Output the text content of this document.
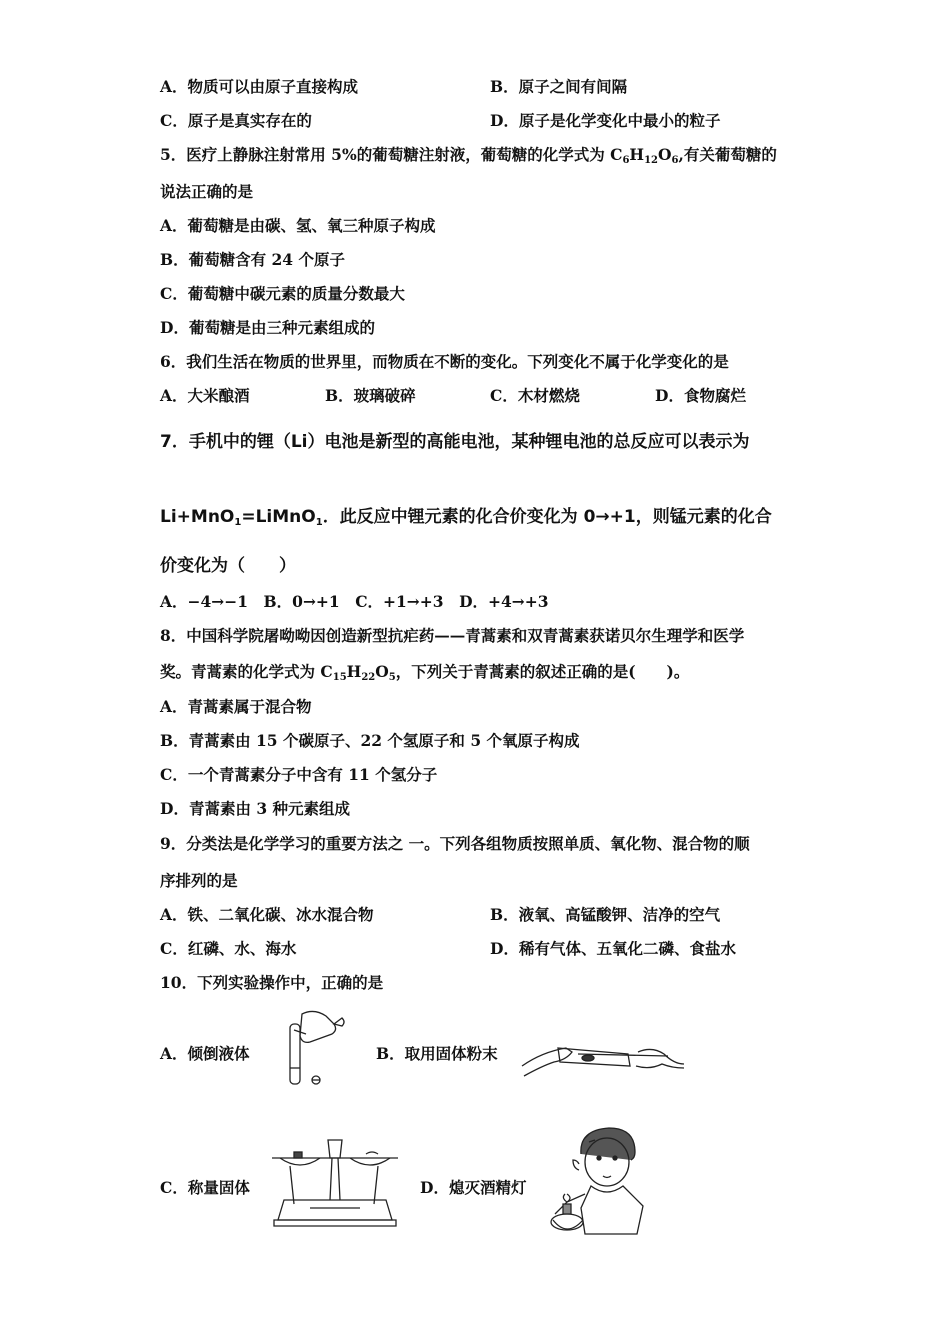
A．物质可以由原子直接构成	B．原子之间有间隔
C．原子是真实存在的	D．原子是化学变化中最小的粒子
5．医疗上静脉注射常用 5%的葡萄糖注射液，葡萄糖的化学式为 $C_6H_{12}O_6$,有关葡萄糖的
说法正确的是
A．葡萄糖是由碳、氢、氧三种原子构成
B．葡萄糖含有 24 个原子
C．葡萄糖中碳元素的质量分数最大
D．葡萄糖是由三种元素组成的
6．我们生活在物质的世界里，而物质在不断的变化。下列变化不属于化学变化的是
A．大米酿酒	B．玻璃破碎	C．木材燃烧	D．食物腐烂
7．手机中的锂（Li）电池是新型的高能电池，某种锂电池的总反应可以表示为
Li+MnO$_1$=LiMnO$_1$．此反应中锂元素的化合价变化为 0→+1，则锰元素的化合
价变化为（　　）
A．−4→−1　B．0→+1　C．+1→+3　D．+4→+3
8．中国科学院屠呦呦因创造新型抗疟药——青蒿素和双青蒿素获诺贝尔生理学和医学
奖。青蒿素的化学式为 $C_{15}H_{22}O_5$，下列关于青蒿素的叙述正确的是(　　)。
A．青蒿素属于混合物
B．青蒿素由 15 个碳原子、22 个氢原子和 5 个氧原子构成
C．一个青蒿素分子中含有 11 个氢分子
D．青蒿素由 3 种元素组成
9．分类法是化学学习的重要方法之 一。下列各组物质按照单质、氧化物、混合物的顺
序排列的是
A．铁、二氧化碳、冰水混合物	B．液氧、高锰酸钾、洁净的空气
C．红磷、水、海水	D．稀有气体、五氧化二磷、食盐水
10．下列实验操作中，正确的是
A．倾倒液体	B．取用固体粉末
C．称量固体	D．熄灭酒精灯
